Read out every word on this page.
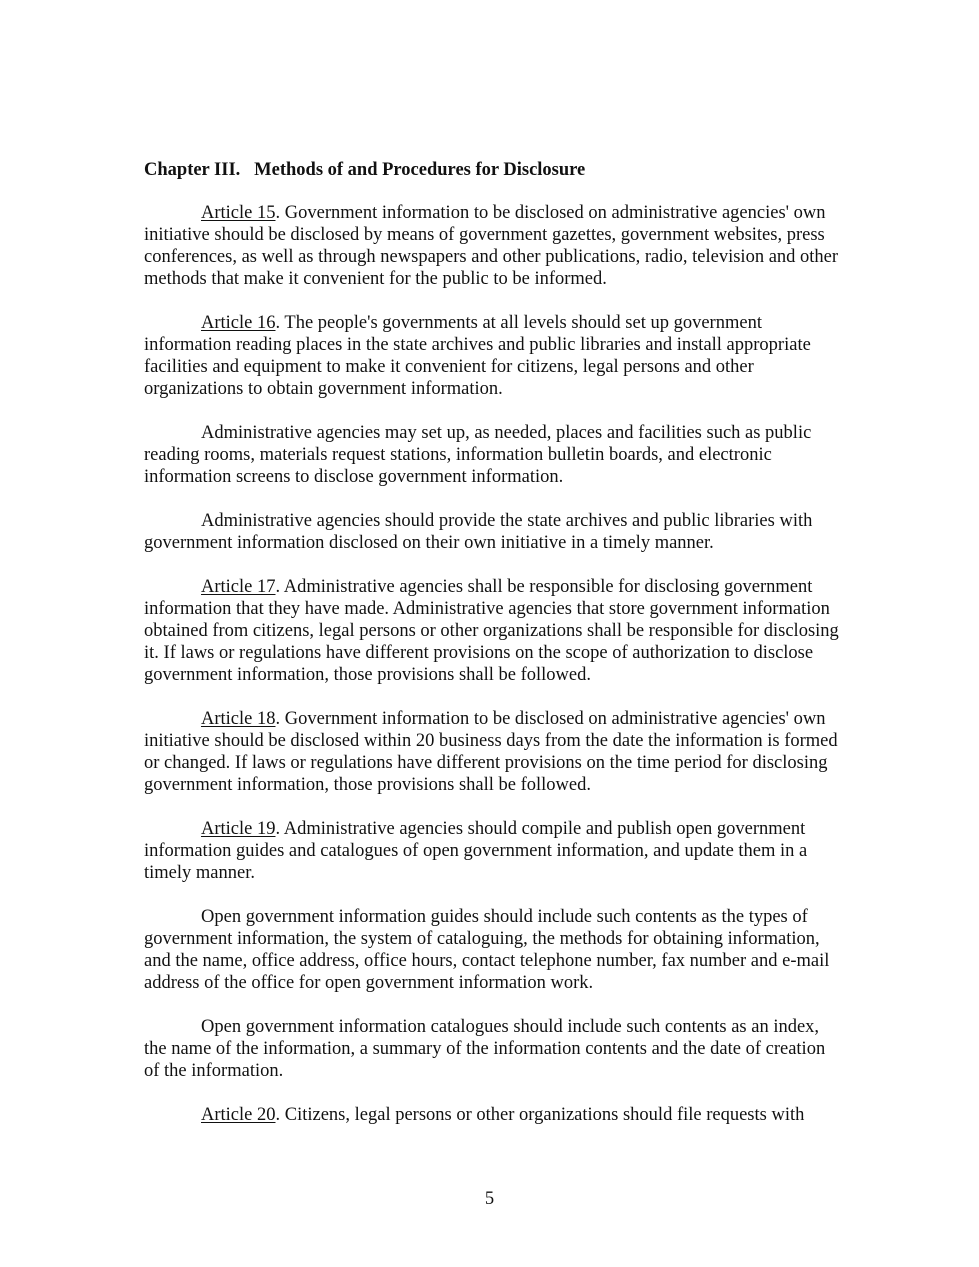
Chapter III.   Methods of and Procedures for Disclosure

Article 15. Government information to be disclosed on administrative agencies' own initiative should be disclosed by means of government gazettes, government websites, press conferences, as well as through newspapers and other publications, radio, television and other methods that make it convenient for the public to be informed.

Article 16. The people's governments at all levels should set up government information reading places in the state archives and public libraries and install appropriate facilities and equipment to make it convenient for citizens, legal persons and other organizations to obtain government information.

Administrative agencies may set up, as needed, places and facilities such as public reading rooms, materials request stations, information bulletin boards, and electronic information screens to disclose government information.

Administrative agencies should provide the state archives and public libraries with government information disclosed on their own initiative in a timely manner.

Article 17. Administrative agencies shall be responsible for disclosing government information that they have made. Administrative agencies that store government information obtained from citizens, legal persons or other organizations shall be responsible for disclosing it. If laws or regulations have different provisions on the scope of authorization to disclose government information, those provisions shall be followed.

Article 18. Government information to be disclosed on administrative agencies' own initiative should be disclosed within 20 business days from the date the information is formed or changed. If laws or regulations have different provisions on the time period for disclosing government information, those provisions shall be followed.

Article 19. Administrative agencies should compile and publish open government information guides and catalogues of open government information, and update them in a timely manner.

Open government information guides should include such contents as the types of government information, the system of cataloguing, the methods for obtaining information, and the name, office address, office hours, contact telephone number, fax number and e-mail address of the office for open government information work.

Open government information catalogues should include such contents as an index, the name of the information, a summary of the information contents and the date of creation of the information.

Article 20. Citizens, legal persons or other organizations should file requests with

5
